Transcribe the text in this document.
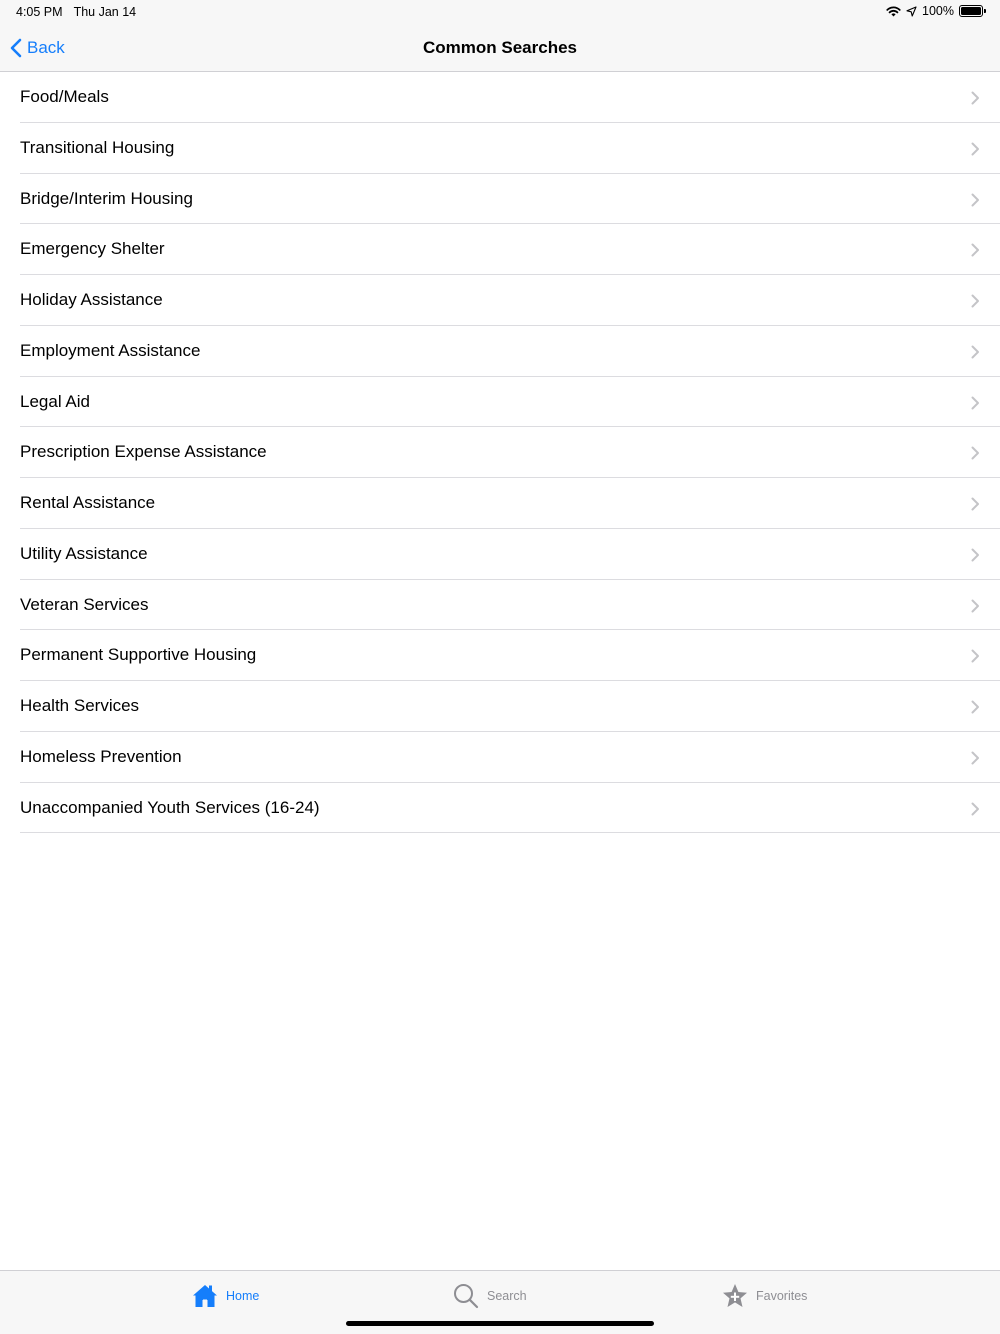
4:05 PM Thu Jan 14	100%
Back	Common Searches
Food/Meals
Transitional Housing
Bridge/Interim Housing
Emergency Shelter
Holiday Assistance
Employment Assistance
Legal Aid
Prescription Expense Assistance
Rental Assistance
Utility Assistance
Veteran Services
Permanent Supportive Housing
Health Services
Homeless Prevention
Unaccompanied Youth Services (16-24)
Home	Search	Favorites
